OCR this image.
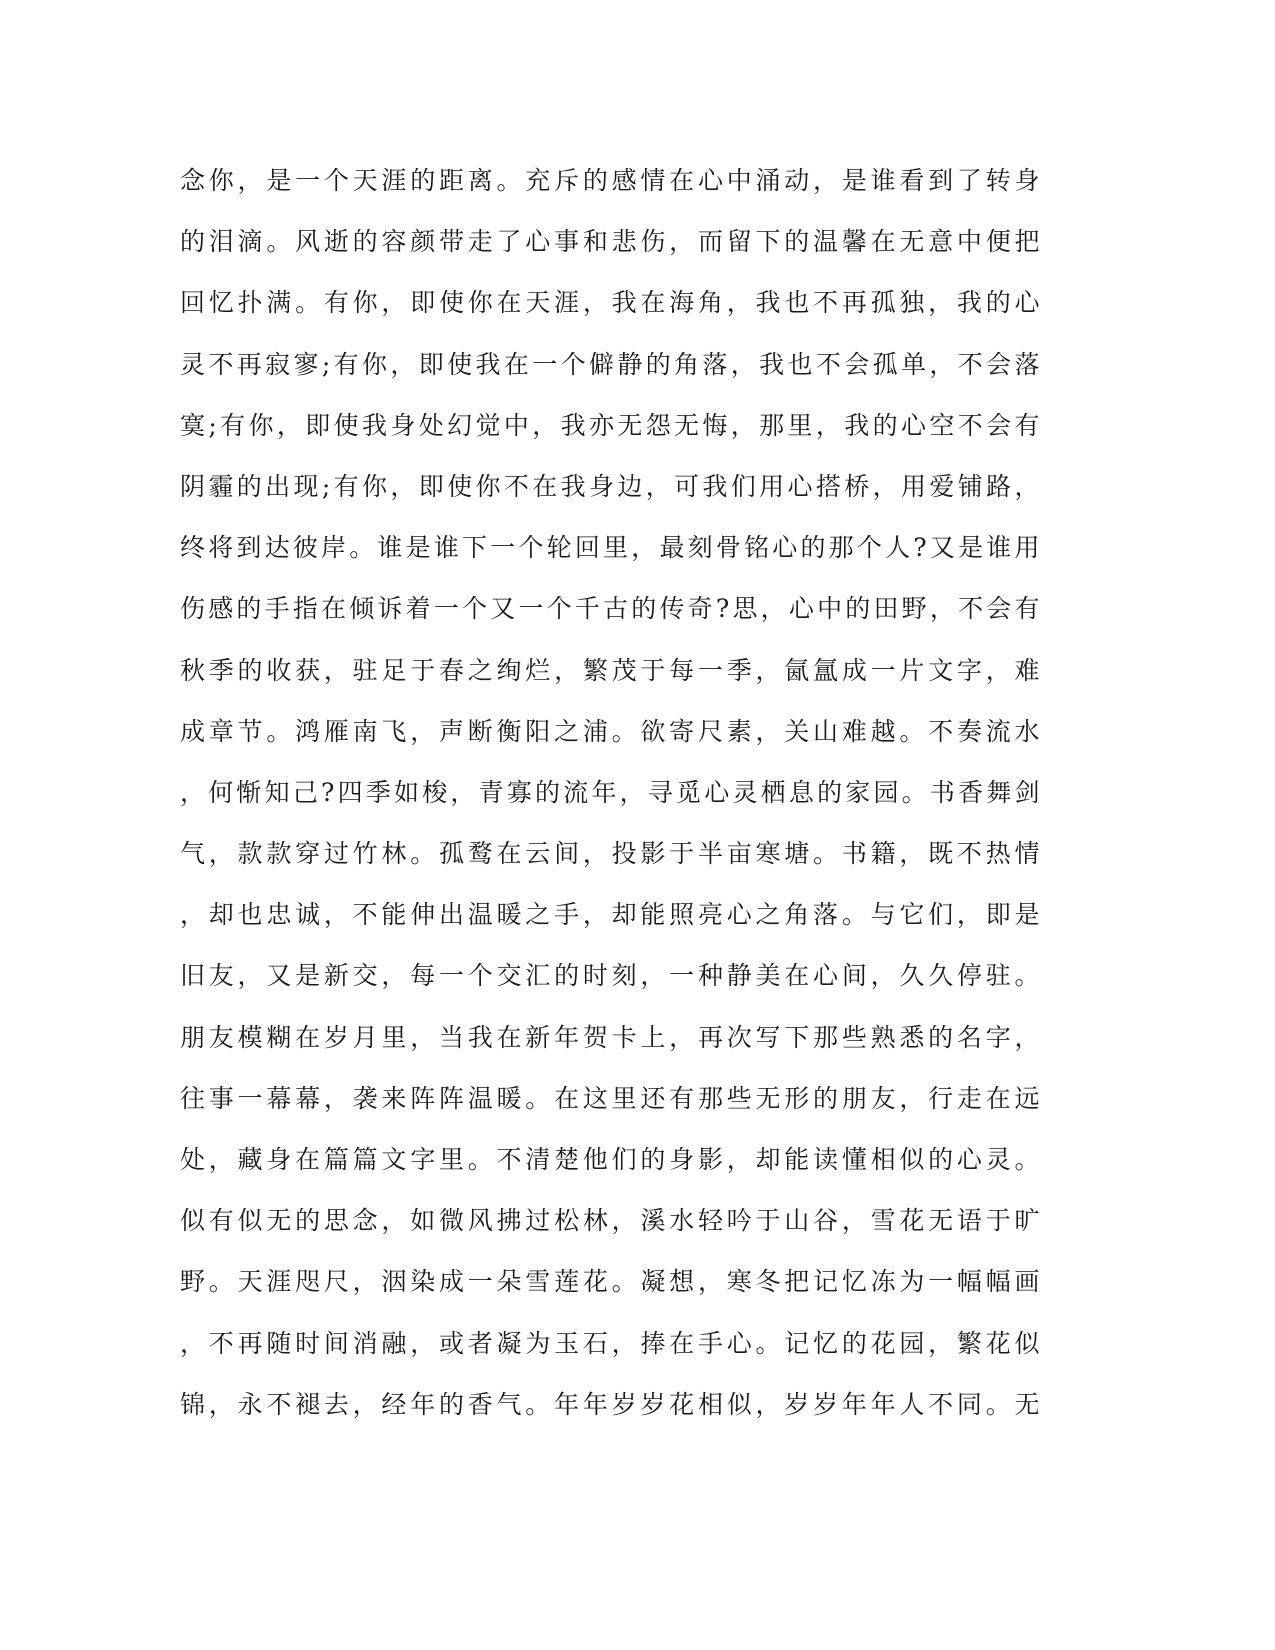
念你，是一个天涯的距离。充斥的感情在心中涌动，是谁看到了转身
的泪滴。风逝的容颜带走了心事和悲伤，而留下的温馨在无意中便把
回忆扑满。有你，即使你在天涯，我在海角，我也不再孤独，我的心
灵不再寂寥;有你，即使我在一个僻静的角落，我也不会孤单，不会落
寞;有你，即使我身处幻觉中，我亦无怨无悔，那里，我的心空不会有
阴霾的出现;有你，即使你不在我身边，可我们用心搭桥，用爱铺路，
终将到达彼岸。谁是谁下一个轮回里，最刻骨铭心的那个人?又是谁用
伤感的手指在倾诉着一个又一个千古的传奇?思，心中的田野，不会有
秋季的收获，驻足于春之绚烂，繁茂于每一季，氤氲成一片文字，难
成章节。鸿雁南飞，声断衡阳之浦。欲寄尺素，关山难越。不奏流水
，何惭知己?四季如梭，青寡的流年，寻觅心灵栖息的家园。书香舞剑
气，款款穿过竹林。孤鹜在云间，投影于半亩寒塘。书籍，既不热情
，却也忠诚，不能伸出温暖之手，却能照亮心之角落。与它们，即是
旧友，又是新交，每一个交汇的时刻，一种静美在心间，久久停驻。
朋友模糊在岁月里，当我在新年贺卡上，再次写下那些熟悉的名字，
往事一幕幕，袭来阵阵温暖。在这里还有那些无形的朋友，行走在远
处，藏身在篇篇文字里。不清楚他们的身影，却能读懂相似的心灵。
似有似无的思念，如微风拂过松林，溪水轻吟于山谷，雪花无语于旷
野。天涯咫尺，洇染成一朵雪莲花。凝想，寒冬把记忆冻为一幅幅画
，不再随时间消融，或者凝为玉石，捧在手心。记忆的花园，繁花似
锦，永不褪去，经年的香气。年年岁岁花相似，岁岁年年人不同。无
